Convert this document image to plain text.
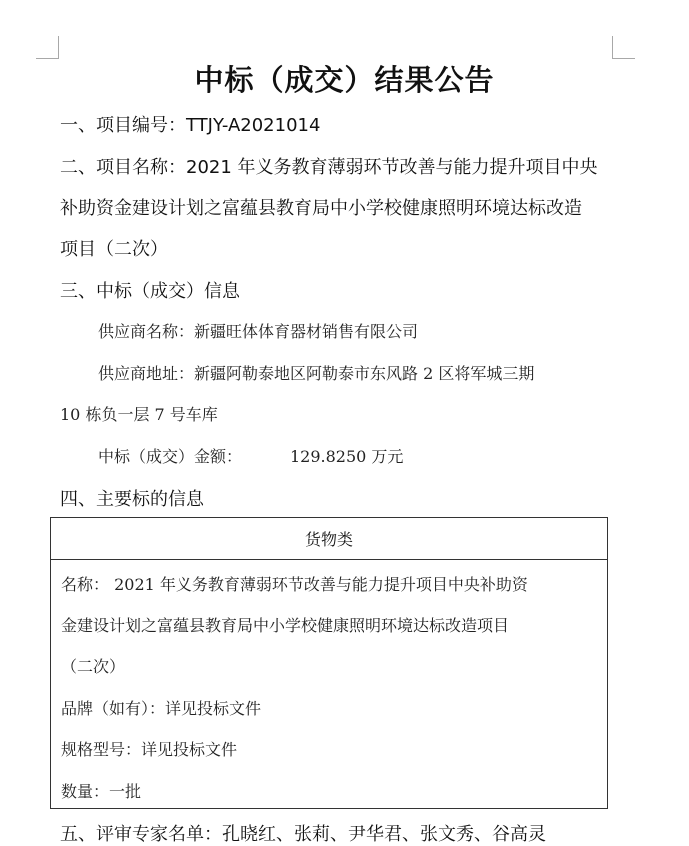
中标（成交）结果公告
一、项目编号：TTJY-A2021014
二、项目名称：2021 年义务教育薄弱环节改善与能力提升项目中央
补助资金建设计划之富蕴县教育局中小学校健康照明环境达标改造
项目（二次）
三、中标（成交）信息
供应商名称：新疆旺体体育器材销售有限公司
供应商地址：新疆阿勒泰地区阿勒泰市东风路 2 区将军城三期
10 栋负一层 7 号车库
中标（成交）金额：	129.8250 万元
四、主要标的信息
货物类
名称： 2021 年义务教育薄弱环节改善与能力提升项目中央补助资
金建设计划之富蕴县教育局中小学校健康照明环境达标改造项目
（二次）
品牌（如有）：详见投标文件
规格型号：详见投标文件
数量：一批
五、评审专家名单：孔晓红、张莉、尹华君、张文秀、谷高灵
